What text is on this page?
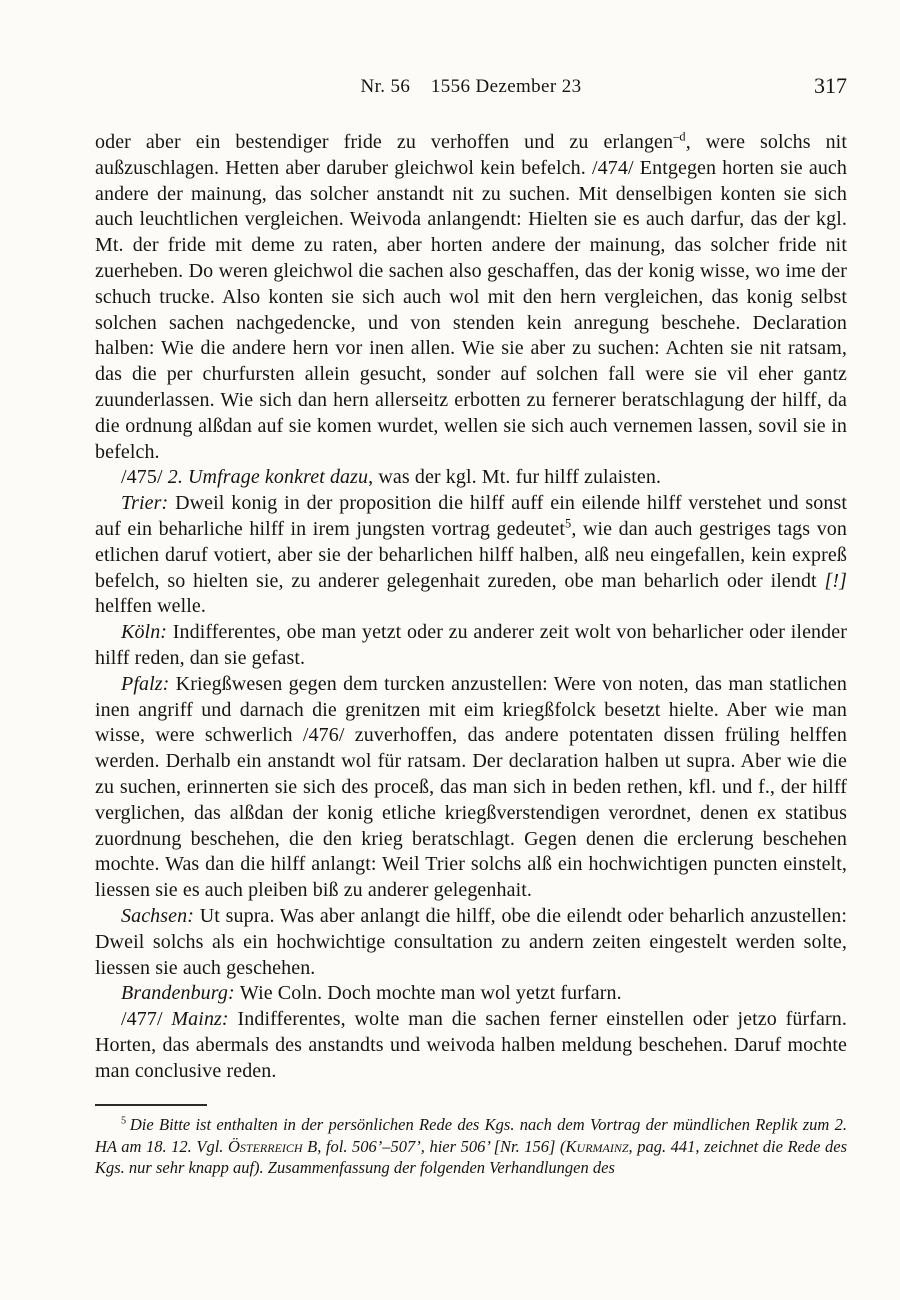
Nr. 56    1556 Dezember 23	317

oder aber ein bestendiger fride zu verhoffen und zu erlangen$^{-d}$, were solchs nit außzuschlagen. Hetten aber daruber gleichwol kein befelch. /474/ Entgegen horten sie auch andere der mainung, das solcher anstandt nit zu suchen. Mit denselbigen konten sie sich auch leuchtlichen vergleichen. Weivoda anlangendt: Hielten sie es auch darfur, das der kgl. Mt. der fride mit deme zu raten, aber horten andere der mainung, das solcher fride nit zuerheben. Do weren gleichwol die sachen also geschaffen, das der konig wisse, wo ime der schuch trucke. Also konten sie sich auch wol mit den hern vergleichen, das konig selbst solchen sachen nachgedencke, und von stenden kein anregung beschehe. Declaration halben: Wie die andere hern vor inen allen. Wie sie aber zu suchen: Achten sie nit ratsam, das die per churfursten allein gesucht, sonder auf solchen fall were sie vil eher gantz zuunderlassen. Wie sich dan hern allerseitz erbotten zu fernerer beratschlagung der hilff, da die ordnung alßdan auf sie komen wurdet, wellen sie sich auch vernemen lassen, sovil sie in befelch.

/475/ 2. Umfrage konkret dazu, was der kgl. Mt. fur hilff zulaisten.

Trier: Dweil konig in der proposition die hilff auff ein eilende hilff verstehet und sonst auf ein beharliche hilff in irem jungsten vortrag gedeutet$^5$, wie dan auch gestriges tags von etlichen daruf votiert, aber sie der beharlichen hilff halben, alß neu eingefallen, kein expreß befelch, so hielten sie, zu anderer gelegenhait zureden, obe man beharlich oder ilendt [!] helffen welle.

Köln: Indifferentes, obe man yetzt oder zu anderer zeit wolt von beharlicher oder ilender hilff reden, dan sie gefast.

Pfalz: Kriegßwesen gegen dem turcken anzustellen: Were von noten, das man statlichen inen angriff und darnach die grenitzen mit eim kriegßfolck besetzt hielte. Aber wie man wisse, were schwerlich /476/ zuverhoffen, das andere potentaten dissen früling helffen werden. Derhalb ein anstandt wol für ratsam. Der declaration halben ut supra. Aber wie die zu suchen, erinnerten sie sich des proceß, das man sich in beden rethen, kfl. und f., der hilff verglichen, das alßdan der konig etliche kriegßverstendigen verordnet, denen ex statibus zuordnung beschehen, die den krieg beratschlagt. Gegen denen die erclerung beschehen mochte. Was dan die hilff anlangt: Weil Trier solchs alß ein hochwichtigen puncten einstelt, liessen sie es auch pleiben biß zu anderer gelegenhait.

Sachsen: Ut supra. Was aber anlangt die hilff, obe die eilendt oder beharlich anzustellen: Dweil solchs als ein hochwichtige consultation zu andern zeiten eingestelt werden solte, liessen sie auch geschehen.

Brandenburg: Wie Coln. Doch mochte man wol yetzt furfarn.

/477/ Mainz: Indifferentes, wolte man die sachen ferner einstellen oder jetzo fürfarn. Horten, das abermals des anstandts und weivoda halben meldung beschehen. Daruf mochte man conclusive reden.

$^5$ Die Bitte ist enthalten in der persönlichen Rede des Kgs. nach dem Vortrag der mündlichen Replik zum 2. HA am 18. 12. Vgl. Österreich B, fol. 506’–507’, hier 506’ [Nr. 156] (Kurmainz, pag. 441, zeichnet die Rede des Kgs. nur sehr knapp auf). Zusammenfassung der folgenden Verhandlungen des
